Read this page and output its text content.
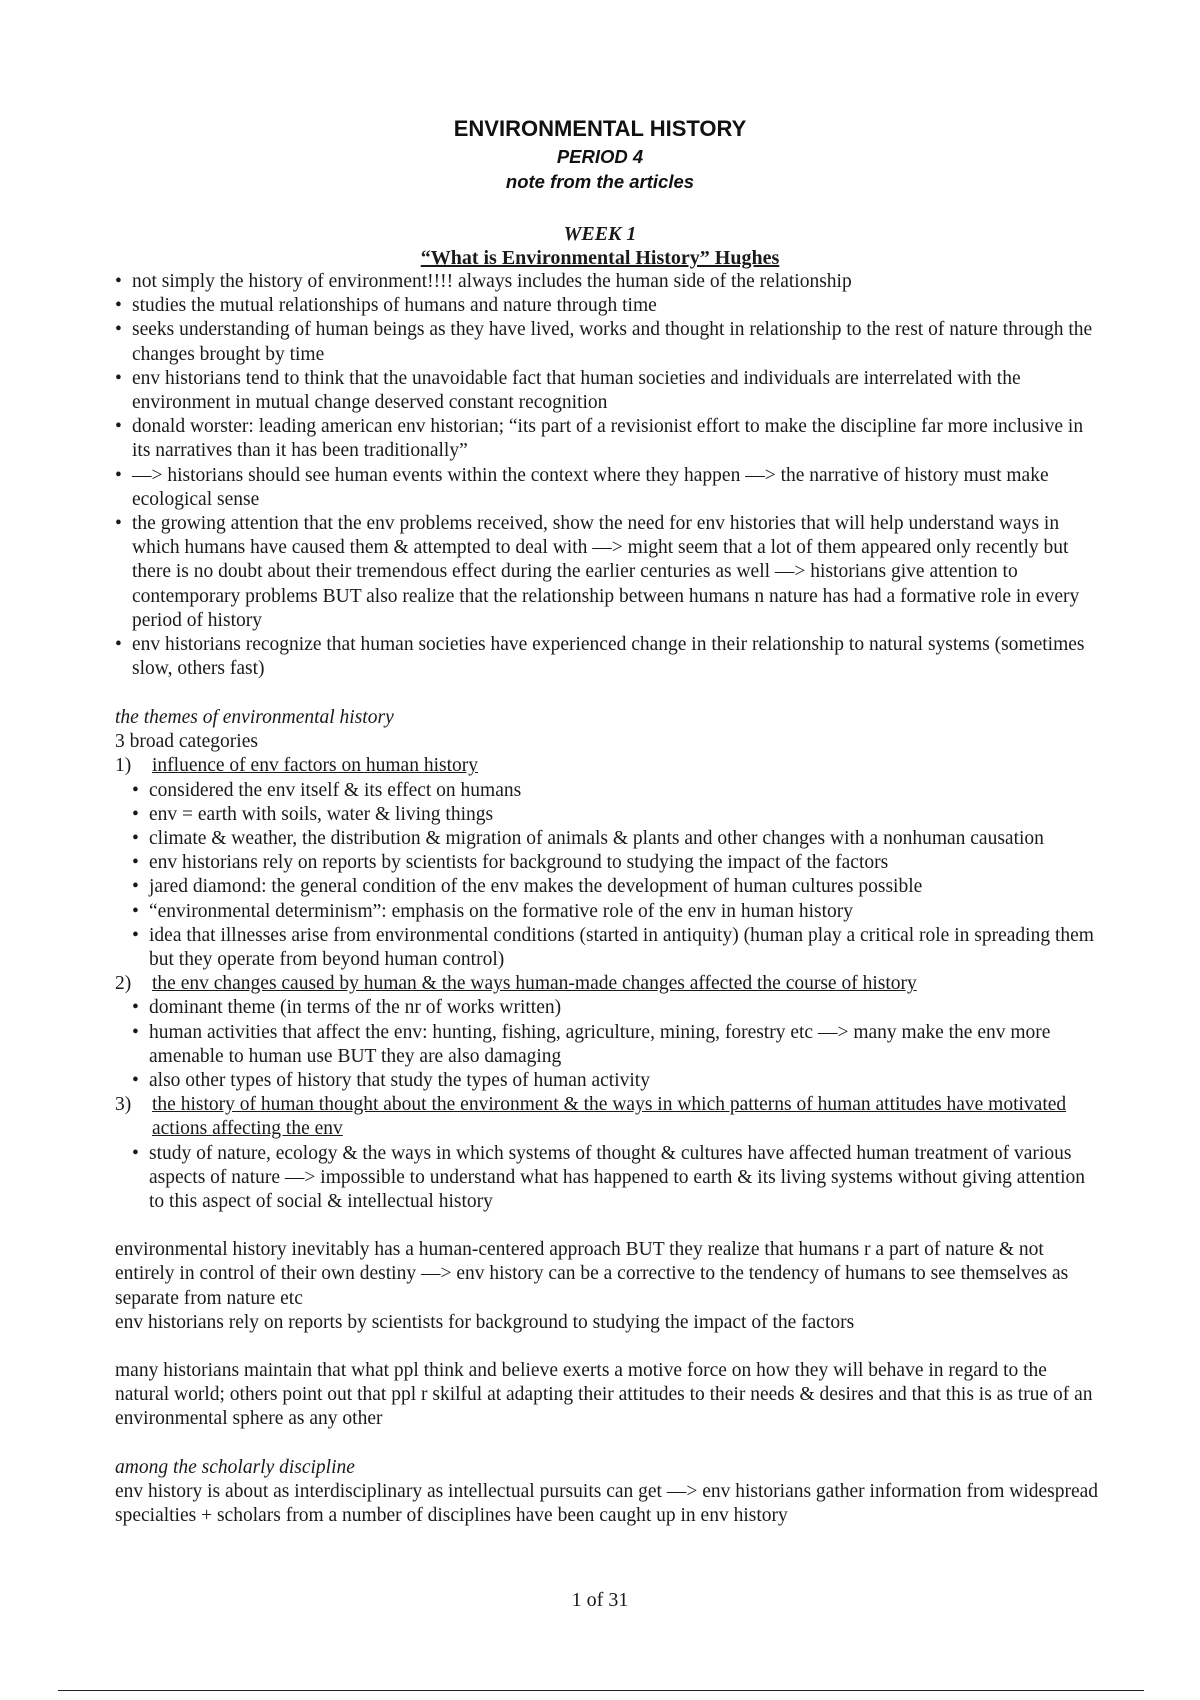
ENVIRONMENTAL HISTORY
PERIOD 4
note from the articles
WEEK 1
“What is Environmental History” Hughes
• not simply the history of environment!!!! always includes the human side of the relationship
• studies the mutual relationships of humans and nature through time
• seeks understanding of human beings as they have lived, works and thought in relationship to the rest of nature through the changes brought by time
• env historians tend to think that the unavoidable fact that human societies and individuals are interrelated with the environment in mutual change deserved constant recognition
• donald worster: leading american env historian; “its part of a revisionist effort to make the discipline far more inclusive in its narratives than it has been traditionally”
• —> historians should see human events within the context where they happen —> the narrative of history must make ecological sense
• the growing attention that the env problems received, show the need for env histories that will help understand ways in which humans have caused them & attempted to deal with —> might seem that a lot of them appeared only recently but there is no doubt about their tremendous effect during the earlier centuries as well —> historians give attention to contemporary problems BUT also realize that the relationship between humans n nature has had a formative role in every period of history
• env historians recognize that human societies have experienced change in their relationship to natural systems (sometimes slow, others fast)
the themes of environmental history
3 broad categories
1) influence of env factors on human history
• considered the env itself & its effect on humans
• env = earth with soils, water & living things
• climate & weather, the distribution & migration of animals & plants and other changes with a nonhuman causation
• env historians rely on reports by scientists for background to studying the impact of the factors
• jared diamond: the general condition of the env makes the development of human cultures possible
• “environmental determinism”: emphasis on the formative role of the env in human history
• idea that illnesses arise from environmental conditions (started in antiquity) (human play a critical role in spreading them but they operate from beyond human control)
2) the env changes caused by human & the ways human-made changes affected the course of history
• dominant theme (in terms of the nr of works written)
• human activities that affect the env: hunting, fishing, agriculture, mining, forestry etc —> many make the env more amenable to human use BUT they are also damaging
• also other types of history that study the types of human activity
3) the history of human thought about the environment & the ways in which patterns of human attitudes have motivated actions affecting the env
• study of nature, ecology & the ways in which systems of thought & cultures have affected human treatment of various aspects of nature —> impossible to understand what has happened to earth & its living systems without giving attention to this aspect of social & intellectual history

environmental history inevitably has a human-centered approach BUT they realize that humans r a part of nature & not entirely in control of their own destiny —> env history can be a corrective to the tendency of humans to see themselves as separate from nature etc

env historians rely on reports by scientists for background to studying the impact of the factors

many historians maintain that what ppl think and believe exerts a motive force on how they will behave in regard to the natural world; others point out that ppl r skilful at adapting their attitudes to their needs & desires and that this is as true of an environmental sphere as any other

among the scholarly discipline

env history is about as interdisciplinary as intellectual pursuits can get —> env historians gather information from widespread specialties + scholars from a number of disciplines have been caught up in env history

1 of 31
